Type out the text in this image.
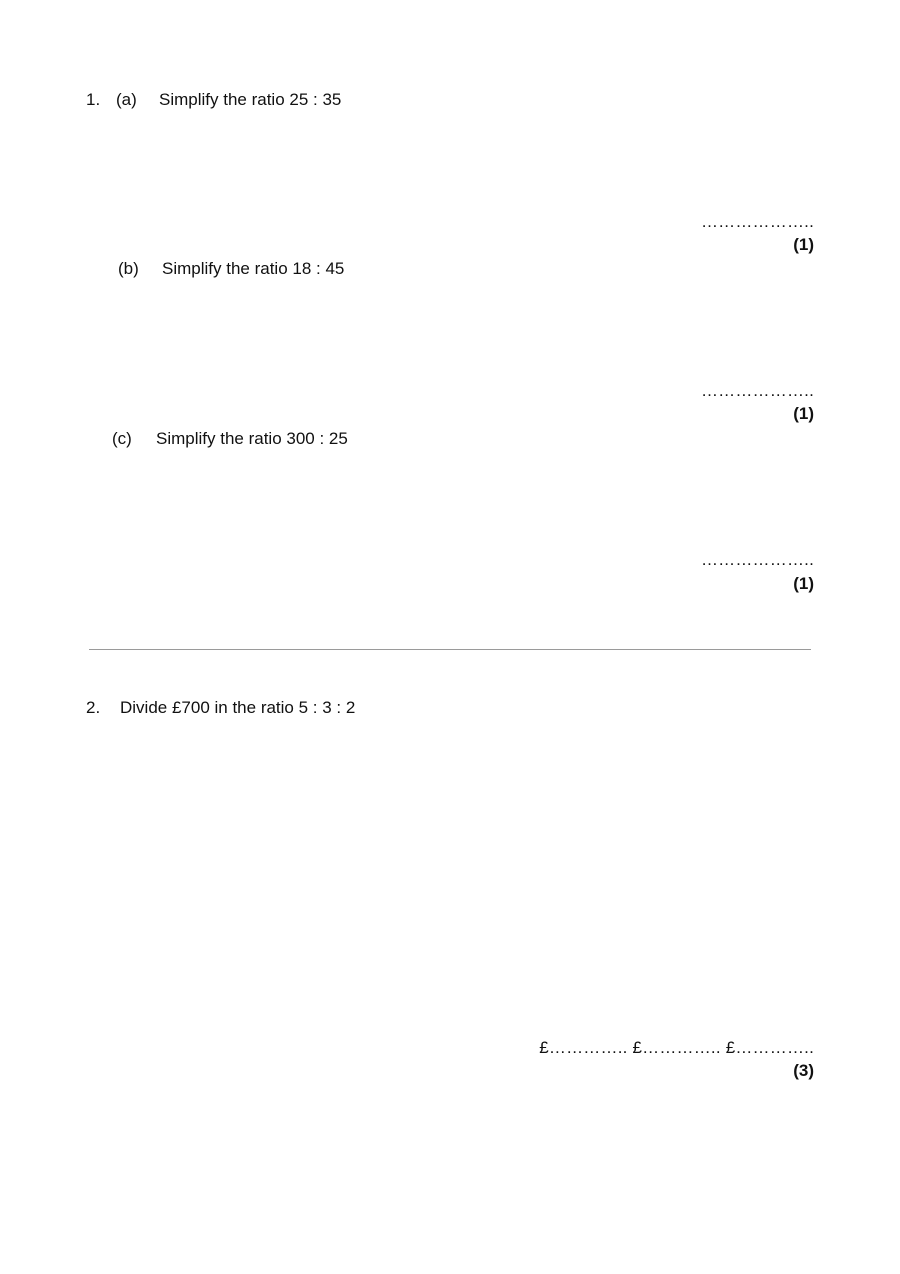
1. (a) Simplify the ratio 25 : 35
………………..
(1)
(b) Simplify the ratio 18 : 45
………………..
(1)
(c) Simplify the ratio 300 : 25
………………..
(1)
2. Divide £700 in the ratio 5 : 3 : 2
£………….. £………….. £…………..
(3)
